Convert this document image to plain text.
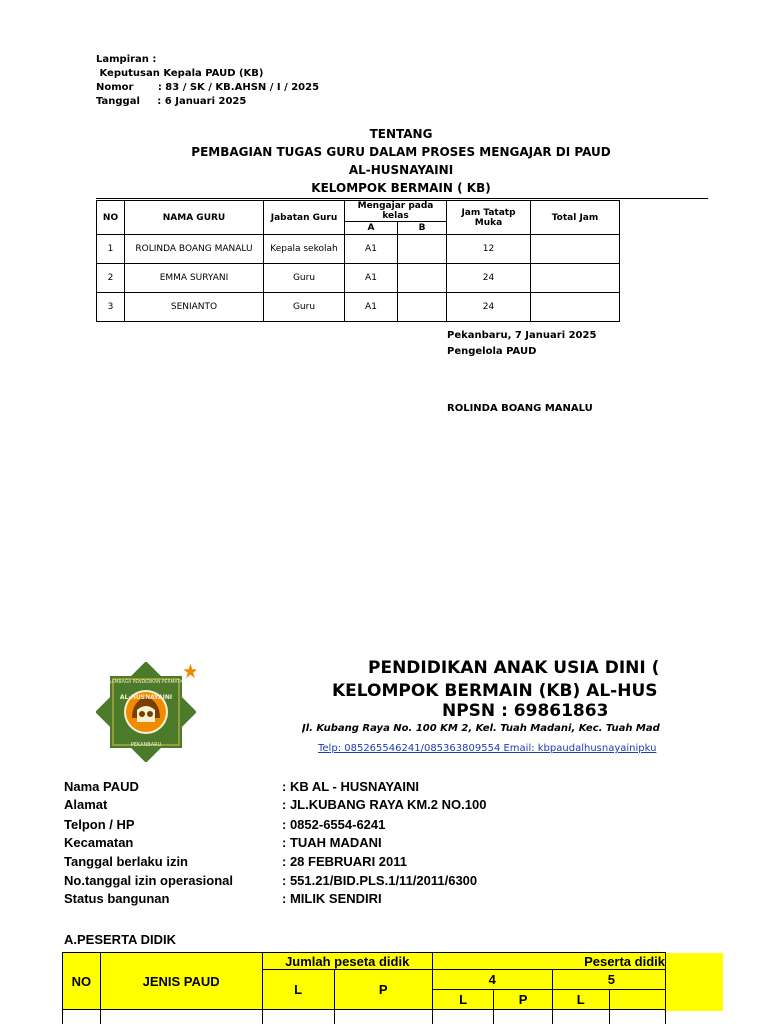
Lampiran :
Keputusan Kepala PAUD (KB)
Nomor       : 83 / SK / KB.AHSN / I / 2025
Tanggal     : 6 Januari 2025
TENTANG
PEMBAGIAN TUGAS GURU DALAM PROSES MENGAJAR DI PAUD
AL-HUSNAYAINI
KELOMPOK BERMAIN ( KB)
NO	NAMA GURU	Jabatan Guru	Mengajar pada kelas		Jam Tatatp Muka	Total Jam
			A	B		
1	ROLINDA BOANG MANALU	Kepala sekolah	A1		12	
2	EMMA SURYANI	Guru	A1		24	
3	SENIANTO	Guru	A1		24	
Pekanbaru, 7 Januari 2025
Pengelola PAUD
ROLINDA BOANG MANALU
LEMBAGA PENDIDIKAN PERMATA
AL-HUSNAYAINI
PEKANBARU
PENDIDIKAN ANAK USIA DINI (
KELOMPOK BERMAIN (KB) AL-HUS
NPSN : 69861863
Jl. Kubang Raya No. 100 KM 2, Kel. Tuah Madani, Kec. Tuah Mad
Telp: 085265546241/085363809554 Email: kbpaudalhusnayainipku
Nama PAUD	: KB AL - HUSNAYAINI
Alamat	: JL.KUBANG RAYA KM.2 NO.100
Telpon / HP	: 0852-6554-6241
Kecamatan	: TUAH MADANI
Tanggal berlaku izin	: 28 FEBRUARI 2011
No.tanggal izin operasional	: 551.21/BID.PLS.1/11/2011/6300
Status bangunan	: MILIK SENDIRI
A.PESERTA DIDIK
NO	JENIS PAUD	Jumlah peseta didik		Peserta didik			
		L	P	4		5	
				L	P	L	
